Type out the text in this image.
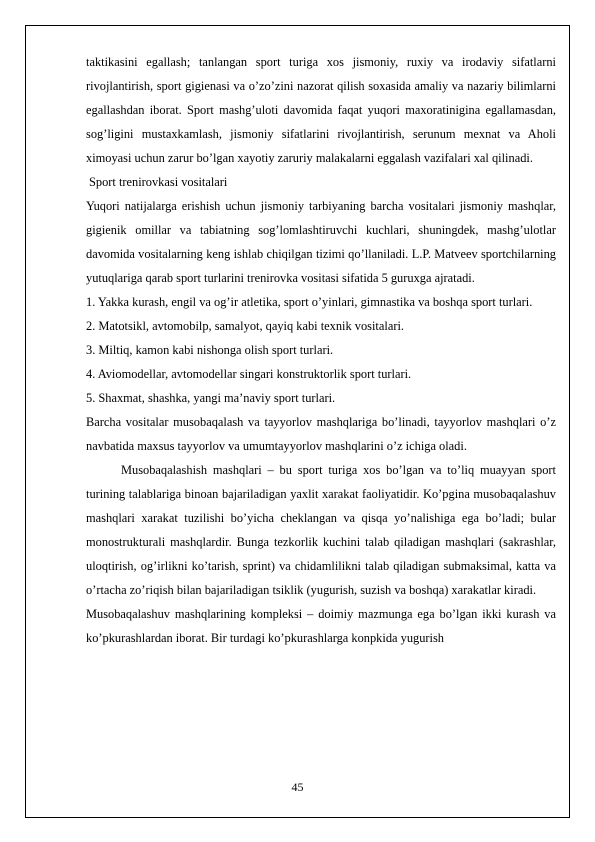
taktikasini egallash; tanlangan sport turiga xos jismoniy, ruxiy va irodaviy sifatlarni rivojlantirish, sport gigienasi va o’zo’zini nazorat qilish soxasida amaliy va nazariy bilimlarni egallashdan iborat. Sport mashg’uloti davomida faqat yuqori maxoratinigina egallamasdan, sog’ligini mustaxkamlash, jismoniy sifatlarini rivojlantirish, serunum mexnat va Aholi ximoyasi uchun zarur bo’lgan xayotiy zaruriy malakalarni eggalash vazifalari xal qilinadi.

Sport trenirovkasi vositalari

Yuqori natijalarga erishish uchun jismoniy tarbiyaning barcha vositalari jismoniy mashqlar, gigienik omillar va tabiatning sog’lomlashtiruvchi kuchlari, shuningdek, mashg’ulotlar davomida vositalarning keng ishlab chiqilgan tizimi qo’llaniladi. L.P. Matveev sportchilarning yutuqlariga qarab sport turlarini trenirovka vositasi sifatida 5 guruxga ajratadi.

1. Yakka kurash, engil va og’ir atletika, sport o’yinlari, gimnastika va boshqa sport turlari.

2. Matotsikl, avtomobilp, samalyot, qayiq kabi texnik vositalari.

3. Miltiq, kamon kabi nishonga olish sport turlari.

4. Aviomodellar, avtomodellar singari konstruktorlik sport turlari.

5. Shaxmat, shashka, yangi ma’naviy sport turlari.

Barcha vositalar musobaqalash va tayyorlov mashqlariga bo’linadi, tayyorlov mashqlari o’z navbatida maxsus tayyorlov va umumtayyorlov mashqlarini o’z ichiga oladi.

Musobaqalashish mashqlari – bu sport turiga xos bo’lgan va to’liq muayyan sport turining talablariga binoan bajariladigan yaxlit xarakat faoliyatidir. Ko’pgina musobaqalashuv mashqlari xarakat tuzilishi bo’yicha cheklangan va qisqa yo’nalishiga ega bo’ladi; bular monostrukturali mashqlardir. Bunga tezkorlik kuchini talab qiladigan mashqlari (sakrashlar, uloqtirish, og’irlikni ko’tarish, sprint) va chidamlilikni talab qiladigan submaksimal, katta va o’rtacha zo’riqish bilan bajariladigan tsiklik (yugurish, suzish va boshqa) xarakatlar kiradi.

Musobaqalashuv mashqlarining kompleksi – doimiy mazmunga ega bo’lgan ikki kurash va ko’pkurashlardan iborat. Bir turdagi ko’pkurashlarga konpkida yugurish

45
